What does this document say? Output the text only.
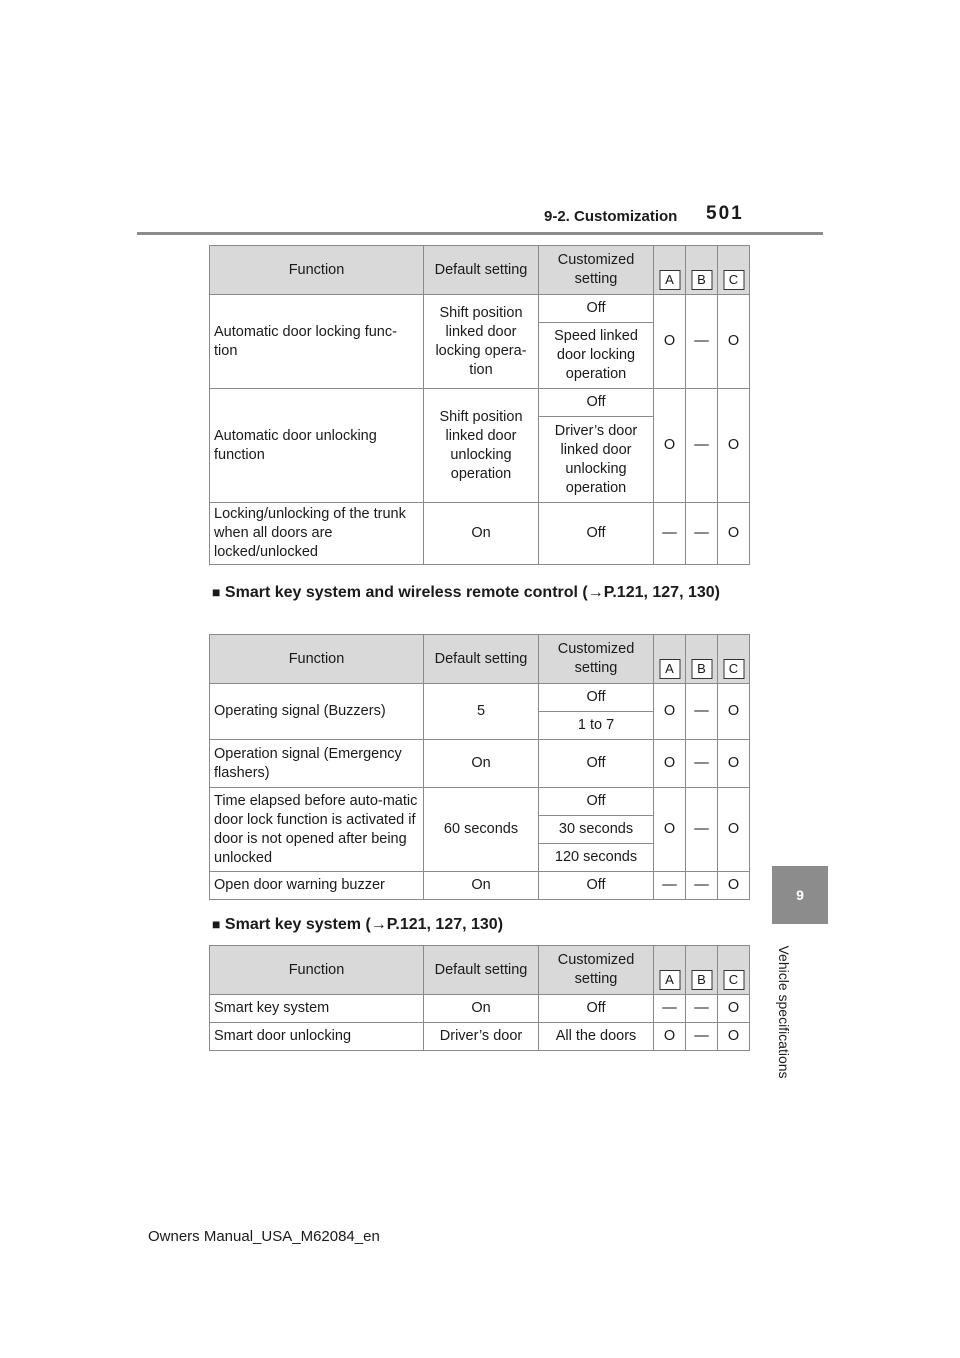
9-2. Customization 501
9
Vehicle specifications
Function	Default setting	Customized setting	A	B	C

Automatic door locking func-tion	Shift position linked door locking opera-tion	Off	O	—	O
		Speed linked door locking operation			
Automatic door unlocking function	Shift position linked door unlocking operation	Off	O	—	O
		Driver’s door linked door unlocking operation			
Locking/unlocking of the trunk when all doors are locked/unlocked	On	Off	—	—	O
■ Smart key system and wireless remote control (→P.121, 127, 130)
Function	Default setting	Customized setting	A	B	C

Operating signal (Buzzers)	5	Off	O	—	O
		1 to 7			
Operation signal (Emergency flashers)	On	Off	O	—	O
Time elapsed before auto-matic door lock function is activated if door is not opened after being unlocked	60 seconds	Off	O	—	O
		30 seconds			
		120 seconds			
Open door warning buzzer	On	Off	—	—	O
■ Smart key system (→P.121, 127, 130)
Function	Default setting	Customized setting	A	B	C

Smart key system	On	Off	—	—	O
Smart door unlocking	Driver’s door	All the doors	O	—	O
Owners Manual_USA_M62084_en
